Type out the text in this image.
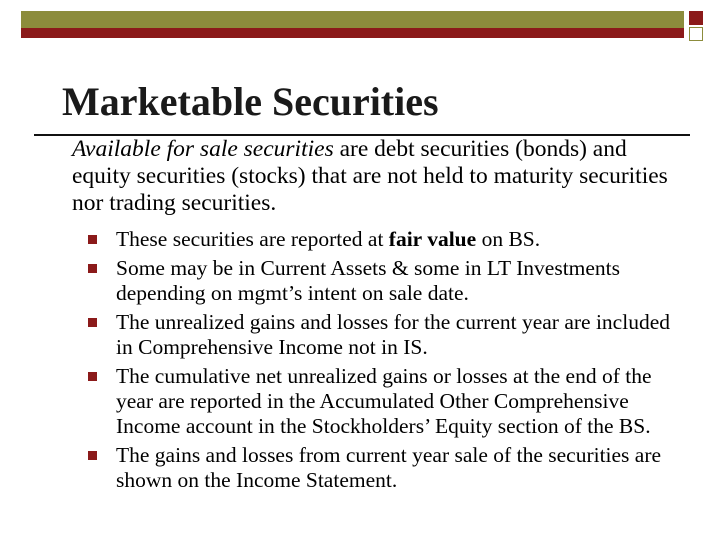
Marketable Securities

Available for sale securities are debt securities (bonds) and equity securities (stocks) that are not held to maturity securities nor trading securities.

These securities are reported at fair value on BS.
Some may be in Current Assets & some in LT Investments depending on mgmt’s intent on sale date.
The unrealized gains and losses for the current year are included in Comprehensive Income not in IS.
The cumulative net unrealized gains or losses at the end of the year are reported in the Accumulated Other Comprehensive Income account in the Stockholders’ Equity section of the BS.
The gains and losses from current year sale of the securities are shown on the Income Statement.
